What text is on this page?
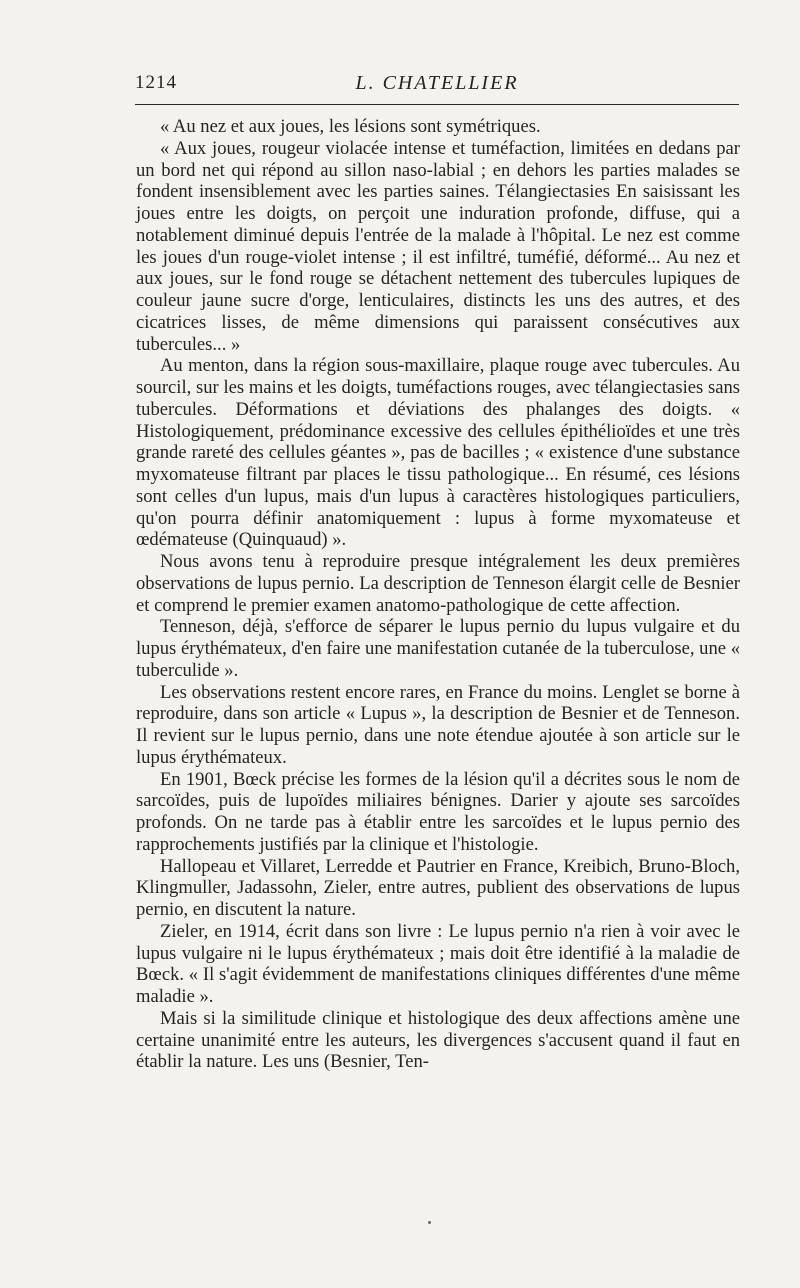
1214	L. CHATELLIER

« Au nez et aux joues, les lésions sont symétriques.

« Aux joues, rougeur violacée intense et tuméfaction, limitées en dedans par un bord net qui répond au sillon naso-labial ; en dehors les parties malades se fondent insensiblement avec les parties saines. Télangiectasies En saisissant les joues entre les doigts, on perçoit une induration profonde, diffuse, qui a notablement diminué depuis l'entrée de la malade à l'hôpital. Le nez est comme les joues d'un rouge-violet intense ; il est infiltré, tuméfié, déformé... Au nez et aux joues, sur le fond rouge se détachent nettement des tubercules lupiques de couleur jaune sucre d'orge, lenticulaires, distincts les uns des autres, et des cicatrices lisses, de même dimensions qui paraissent consécutives aux tubercules... »

Au menton, dans la région sous-maxillaire, plaque rouge avec tubercules. Au sourcil, sur les mains et les doigts, tuméfactions rouges, avec télangiectasies sans tubercules. Déformations et déviations des phalanges des doigts. « Histologiquement, prédominance excessive des cellules épithélioïdes et une très grande rareté des cellules géantes », pas de bacilles ; « existence d'une substance myxomateuse filtrant par places le tissu pathologique... En résumé, ces lésions sont celles d'un lupus, mais d'un lupus à caractères histologiques particuliers, qu'on pourra définir anatomiquement : lupus à forme myxomateuse et œdémateuse (Quinquaud) ».

Nous avons tenu à reproduire presque intégralement les deux premières observations de lupus pernio. La description de Tenneson élargit celle de Besnier et comprend le premier examen anatomo-pathologique de cette affection.

Tenneson, déjà, s'efforce de séparer le lupus pernio du lupus vulgaire et du lupus érythémateux, d'en faire une manifestation cutanée de la tuberculose, une « tuberculide ».

Les observations restent encore rares, en France du moins. Lenglet se borne à reproduire, dans son article « Lupus », la description de Besnier et de Tenneson. Il revient sur le lupus pernio, dans une note étendue ajoutée à son article sur le lupus érythémateux.

En 1901, Bœck précise les formes de la lésion qu'il a décrites sous le nom de sarcoïdes, puis de lupoïdes miliaires bénignes. Darier y ajoute ses sarcoïdes profonds. On ne tarde pas à établir entre les sarcoïdes et le lupus pernio des rapprochements justifiés par la clinique et l'histologie.

Hallopeau et Villaret, Lerredde et Pautrier en France, Kreibich, Bruno-Bloch, Klingmuller, Jadassohn, Zieler, entre autres, publient des observations de lupus pernio, en discutent la nature.

Zieler, en 1914, écrit dans son livre : Le lupus pernio n'a rien à voir avec le lupus vulgaire ni le lupus érythémateux ; mais doit être identifié à la maladie de Bœck. « Il s'agit évidemment de manifestations cliniques différentes d'une même maladie ».

Mais si la similitude clinique et histologique des deux affections amène une certaine unanimité entre les auteurs, les divergences s'accusent quand il faut en établir la nature. Les uns (Besnier, Ten-
